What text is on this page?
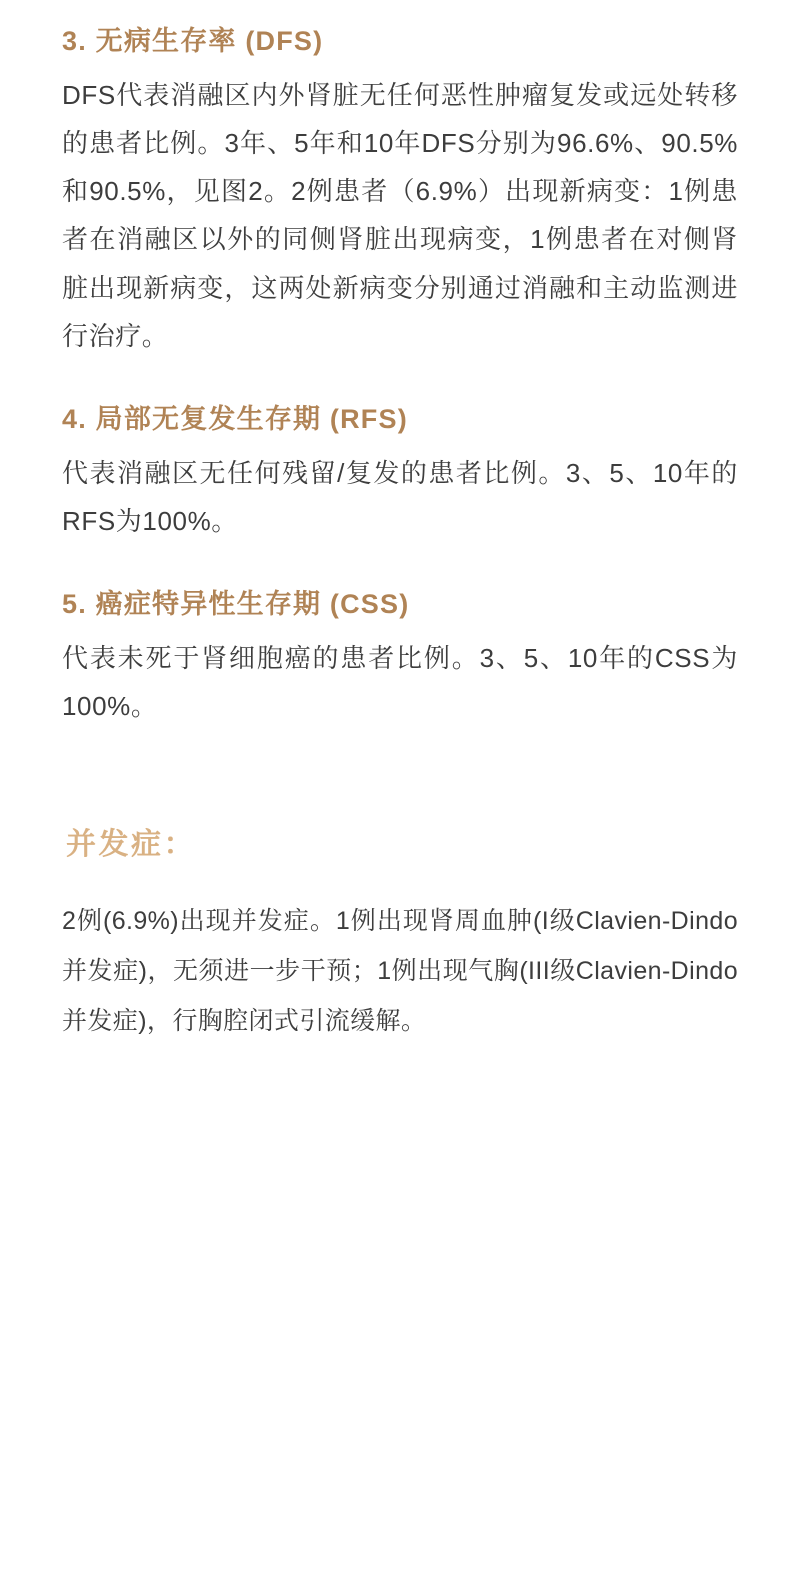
3. 无病生存率 (DFS)

DFS代表消融区内外肾脏无任何恶性肿瘤复发或远处转移的患者比例。3年、5年和10年DFS分别为96.6%、90.5%和90.5%，见图2。2例患者（6.9%）出现新病变：1例患者在消融区以外的同侧肾脏出现病变，1例患者在对侧肾脏出现新病变，这两处新病变分别通过消融和主动监测进行治疗。

4. 局部无复发生存期 (RFS)

代表消融区无任何残留/复发的患者比例。3、5、10年的RFS为100%。

5. 癌症特异性生存期 (CSS)

代表未死于肾细胞癌的患者比例。3、5、10年的CSS为100%。

并发症：

2例(6.9%)出现并发症。1例出现肾周血肿(I级Clavien-Dindo并发症)，无须进一步干预；1例出现气胸(III级Clavien-Dindo并发症)，行胸腔闭式引流缓解。
